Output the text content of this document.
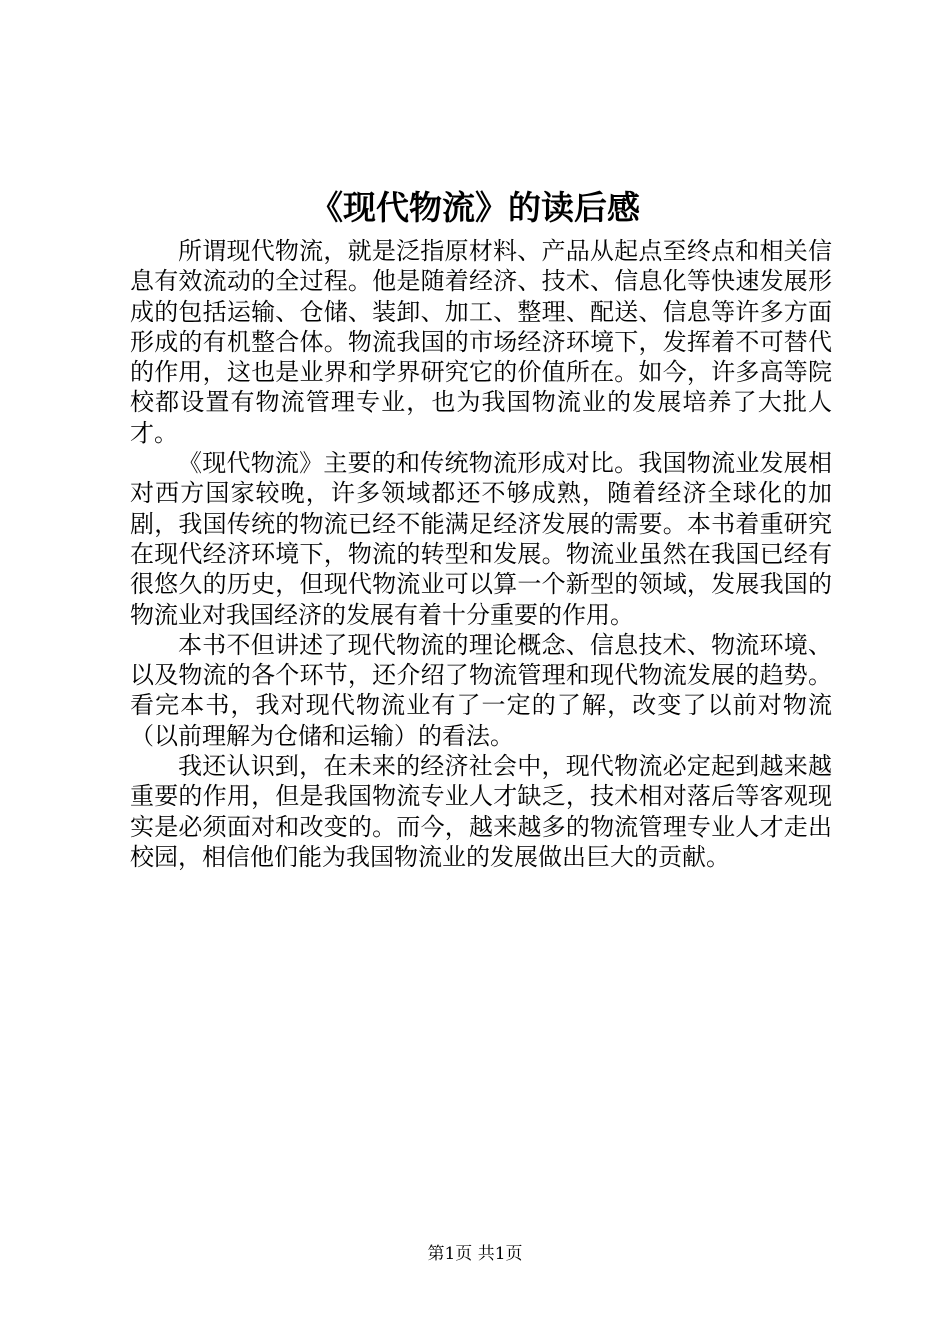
《现代物流》的读后感

所谓现代物流，就是泛指原材料、产品从起点至终点和相关信息有效流动的全过程。他是随着经济、技术、信息化等快速发展形成的包括运输、仓储、装卸、加工、整理、配送、信息等许多方面形成的有机整合体。物流我国的市场经济环境下，发挥着不可替代的作用，这也是业界和学界研究它的价值所在。如今，许多高等院校都设置有物流管理专业，也为我国物流业的发展培养了大批人才。

《现代物流》主要的和传统物流形成对比。我国物流业发展相对西方国家较晚，许多领域都还不够成熟，随着经济全球化的加剧，我国传统的物流已经不能满足经济发展的需要。本书着重研究在现代经济环境下，物流的转型和发展。物流业虽然在我国已经有很悠久的历史，但现代物流业可以算一个新型的领域，发展我国的物流业对我国经济的发展有着十分重要的作用。

本书不但讲述了现代物流的理论概念、信息技术、物流环境、以及物流的各个环节，还介绍了物流管理和现代物流发展的趋势。看完本书，我对现代物流业有了一定的了解，改变了以前对物流（以前理解为仓储和运输）的看法。

我还认识到，在未来的经济社会中，现代物流必定起到越来越重要的作用，但是我国物流专业人才缺乏，技术相对落后等客观现实是必须面对和改变的。而今，越来越多的物流管理专业人才走出校园，相信他们能为我国物流业的发展做出巨大的贡献。

第1页 共1页
